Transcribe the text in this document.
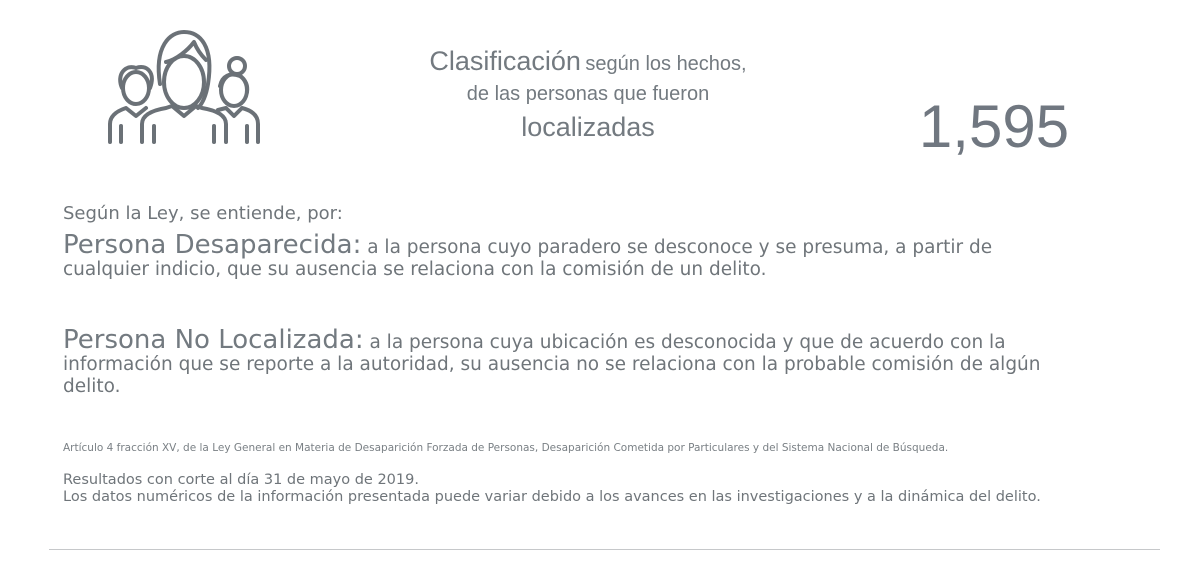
Clasificación según los hechos,
de las personas que fueron
localizadas	1,595
Según la Ley, se entiende, por:
Persona Desaparecida: a la persona cuyo paradero se desconoce y se presuma, a partir de cualquier indicio, que su ausencia se relaciona con la comisión de un delito.
Persona No Localizada: a la persona cuya ubicación es desconocida y que de acuerdo con la información que se reporte a la autoridad, su ausencia no se relaciona con la probable comisión de algún delito.
Artículo 4 fracción XV, de la Ley General en Materia de Desaparición Forzada de Personas, Desaparición Cometida por Particulares y del Sistema Nacional de Búsqueda.
Resultados con corte al día 31 de mayo de 2019.
Los datos numéricos de la información presentada puede variar debido a los avances en las investigaciones y a la dinámica del delito.
